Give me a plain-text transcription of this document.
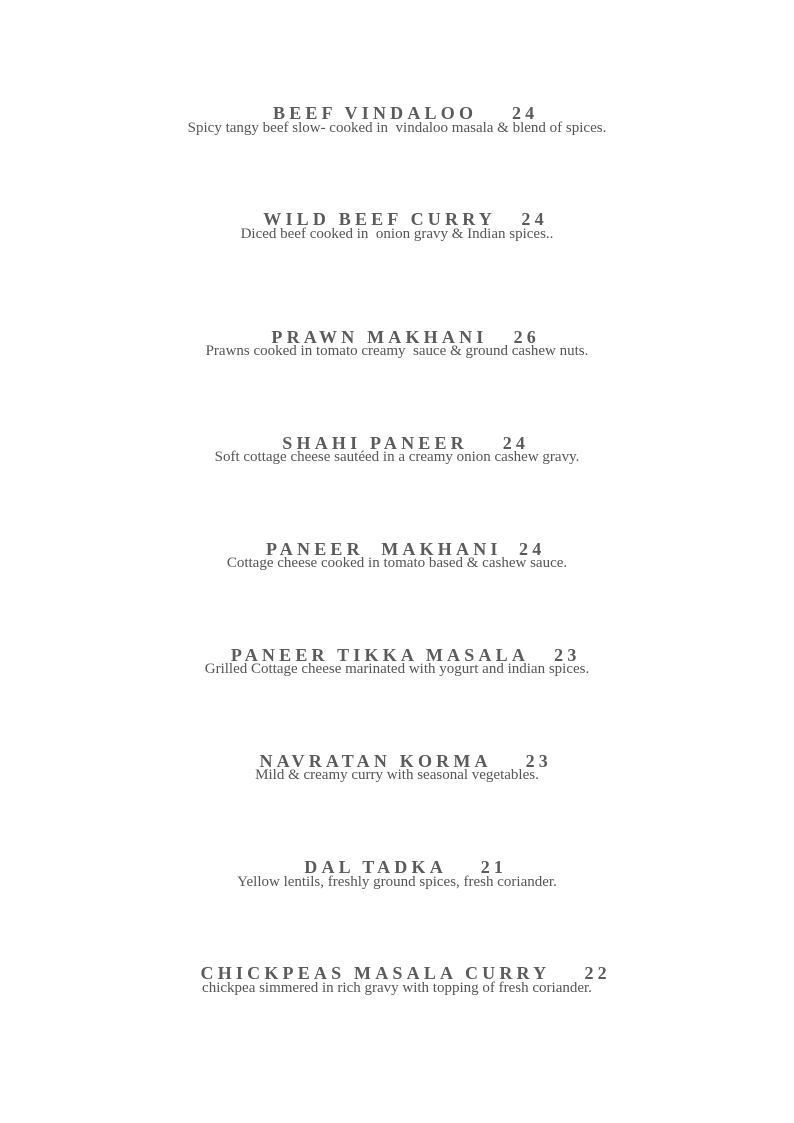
BEEF VINDALOO 24

Spicy tangy beef slow- cooked in  vindaloo masala & blend of spices.

WILD BEEF CURRY 24

Diced beef cooked in  onion gravy & Indian spices..

PRAWN MAKHANI 26

Prawns cooked in tomato creamy  sauce & ground cashew nuts.

SHAHI PANEER 24

Soft cottage cheese sautéed in a creamy onion cashew gravy.

PANEER  MAKHANI 24

Cottage cheese cooked in tomato based & cashew sauce.

PANEER TIKKA MASALA 23

Grilled Cottage cheese marinated with yogurt and indian spices.

NAVRATAN KORMA 23

Mild & creamy curry with seasonal vegetables.

DAL TADKA 21

Yellow lentils, freshly ground spices, fresh coriander.

CHICKPEAS MASALA CURRY 22

chickpea simmered in rich gravy with topping of fresh coriander.
